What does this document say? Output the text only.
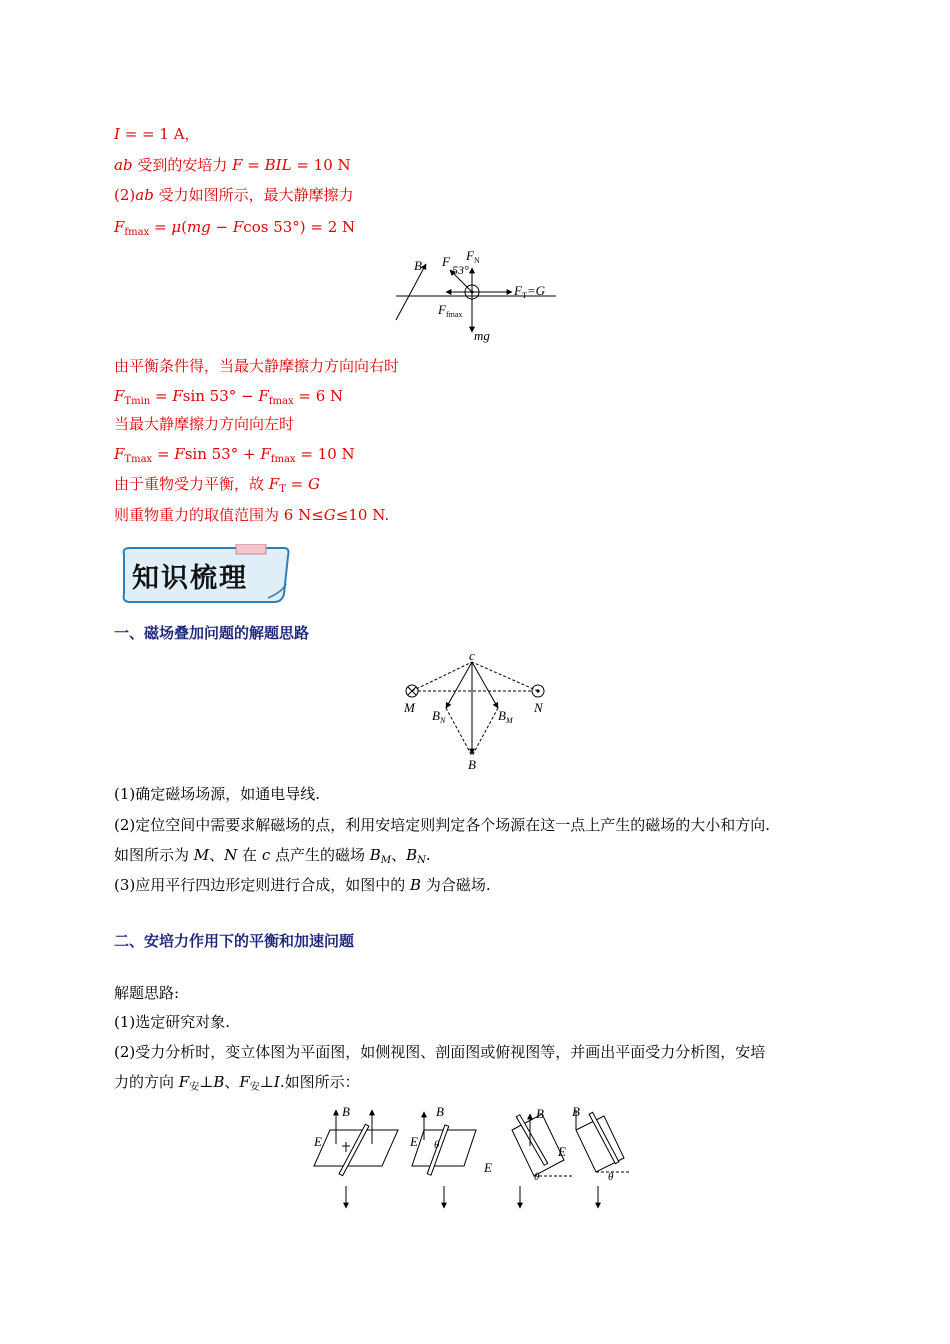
I = = 1 A，
ab 受到的安培力 F = BIL = 10 N
(2)ab 受力如图所示，最大静摩擦力
$F_{fmax} = \mu(mg - Fcos$ 53°) = 2 N
B F $F_N$
53°
$F_T=G$
$F_{fmax}$
mg
由平衡条件得，当最大静摩擦力方向向右时
$F_{Tmin} = Fsin$ $53^\circ - F_{fmax} = 6$ N
当最大静摩擦力方向向左时
$F_{Tmax} = Fsin$ $53^\circ + F_{fmax} = 10$ N
由于重物受力平衡，故 $F_T = G$
则重物重力的取值范围为 6 N≤G≤10 N.
知识梳理
一、磁场叠加问题的解题思路
c
M	N
$B_N$	$B_M$
B
(1)确定磁场场源，如通电导线.
(2)定位空间中需要求解磁场的点，利用安培定则判定各个场源在这一点上产生的磁场的大小和方向.
如图所示为 M、N 在 c 点产生的磁场 $B_M$、$B_N$.
(3)应用平行四边形定则进行合成，如图中的 B 为合磁场.
二、安培力作用下的平衡和加速问题
解题思路:
(1)选定研究对象.
(2)受力分析时，变立体图为平面图，如侧视图、剖面图或俯视图等，并画出平面受力分析图，安培
力的方向 $F_安\perp B$、$F_安\perp I$.如图所示：
B
E
B
E θ
B
E
θ
B
E
θ
